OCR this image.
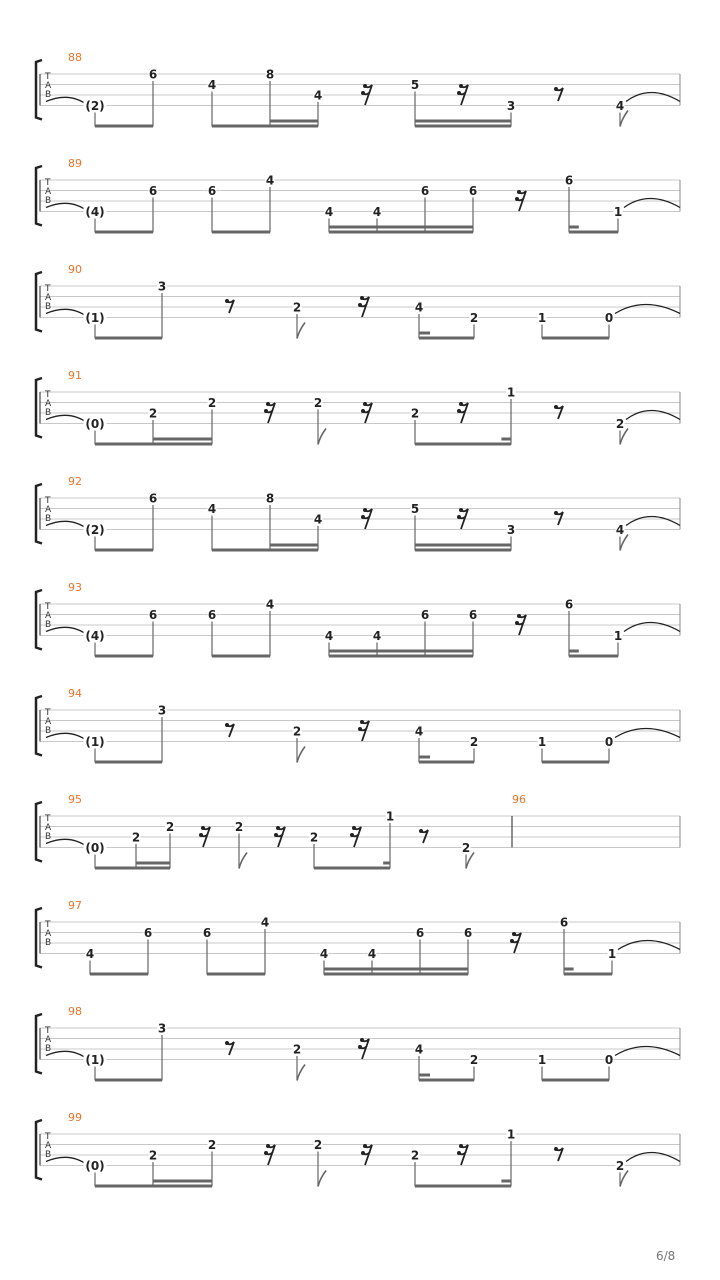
T
A
B
88
(2)
6
4
8
4
5
3	4
T
A
B
89
(4)
6	6
4
4	4
6	6
6
1
T
A
B
90
(1)
3
2	4
2	1	0
T
A
B
91
(0)
2
2	2
2
1
2
T
A
B
92
(2)
6
4
8
4
5
3	4
T
A
B
93
(4)
6	6
4
4	4
6	6
6
1
T
A
B
94
(1)
3
2	4
2	1	0
T
A
B
95	96
(0)
2
2	2
2
1
2
T
A
B
97
4
6	6
4
4	4
6	6
6
1
T
A
B
98
(1)
3
2	4
2	1	0
T
A
B
99
(0)
2
2	2
2
1
2
6/8
